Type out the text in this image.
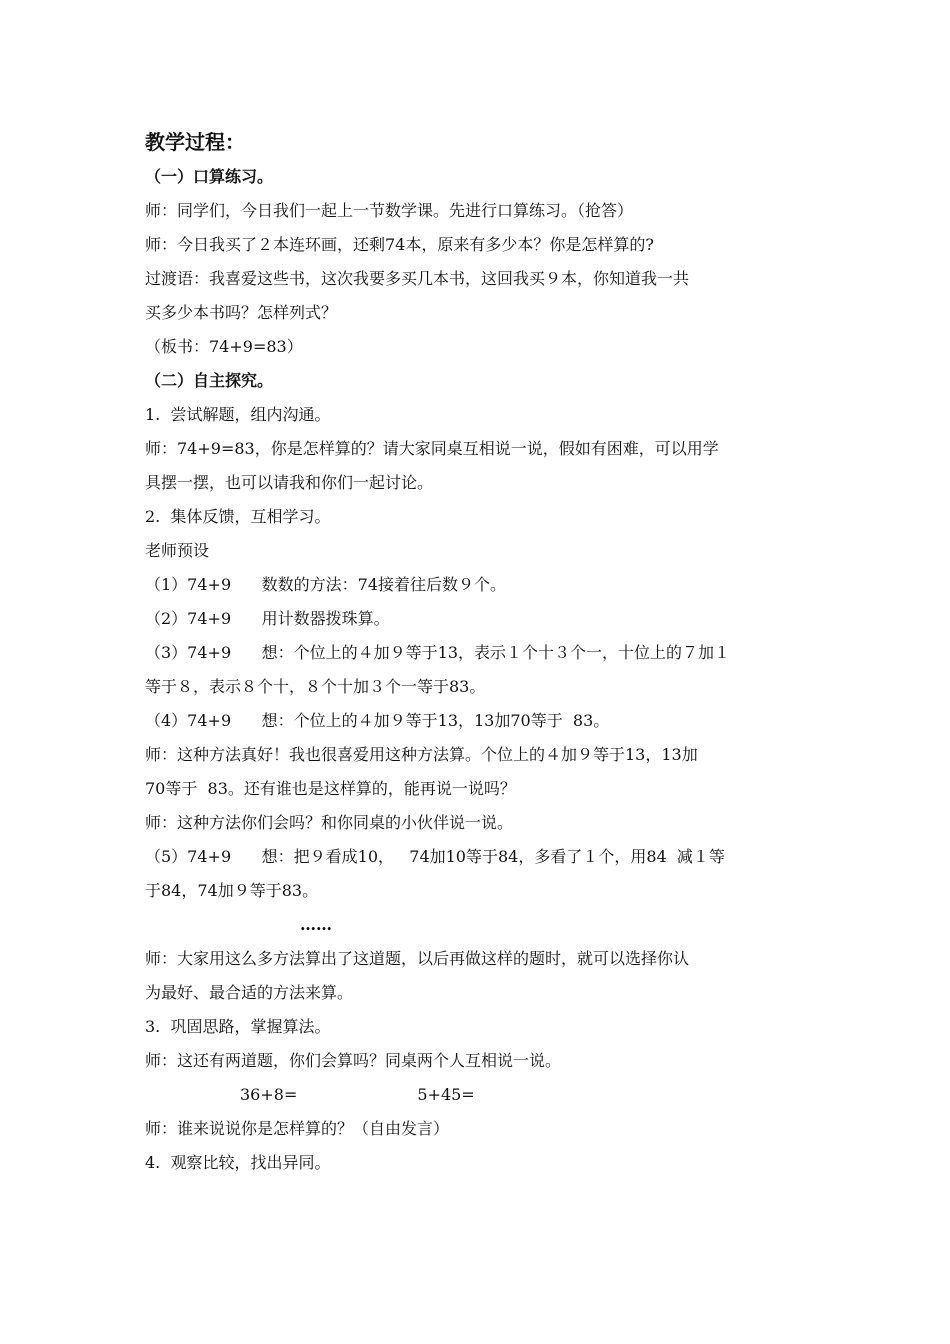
教学过程：
（一）口算练习。
师：同学们，今日我们一起上一节数学课。先进行口算练习。（抢答）
师：今日我买了２本连环画，还剩74本，原来有多少本？你是怎样算的?
过渡语：我喜爱这些书，这次我要多买几本书，这回我买９本，你知道我一共
买多少本书吗？怎样列式？
（板书：74+9=83）
（二）自主探究。
1.  尝试解题，组内沟通。
师：74+9=83，你是怎样算的？请大家同桌互相说一说，假如有困难，可以用学
具摆一摆，也可以请我和你们一起讨论。
2.  集体反馈，互相学习。
老师预设
（1）74+9      数数的方法：74接着往后数９个。
（2）74+9      用计数器拨珠算。
（3）74+9      想：个位上的４加９等于13，表示１个十３个一，十位上的７加１
等于８，表示８个十，８个十加３个一等于83。
（4）74+9      想：个位上的４加９等于13，13加70等于  83。
师：这种方法真好！我也很喜爱用这种方法算。个位上的４加９等于13，13加
70等于  83。还有谁也是这样算的，能再说一说吗？
师：这种方法你们会吗？和你同桌的小伙伴说一说。
（5）74+9      想：把９看成10，   74加10等于84，多看了１个，用84  减１等
于84，74加９等于83。
……
师：大家用这么多方法算出了这道题，以后再做这样的题时，就可以选择你认
为最好、最合适的方法来算。
3.  巩固思路，掌握算法。
师：这还有两道题，你们会算吗？同桌两个人互相说一说。
36+8=	5+45=
师：谁来说说你是怎样算的？（自由发言）
4.  观察比较，找出异同。
